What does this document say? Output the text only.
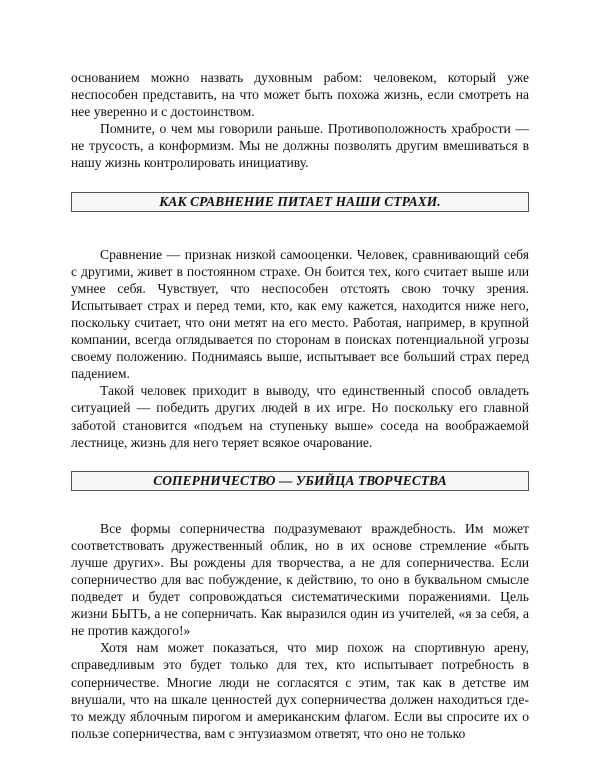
основанием можно назвать духовным рабом: человеком, который уже неспособен представить, на что может быть похожа жизнь, если смотреть на нее уверенно и с достоинством.

Помните, о чем мы говорили раньше. Противоположность храбрости — не трусость, а конформизм. Мы не должны позволять другим вмешиваться в нашу жизнь контролировать инициативу.

КАК СРАВНЕНИЕ ПИТАЕТ НАШИ СТРАХИ.

Сравнение — признак низкой самооценки. Человек, сравнивающий себя с другими, живет в постоянном страхе. Он боится тех, кого считает выше или умнее себя. Чувствует, что неспособен отстоять свою точку зрения. Испытывает страх и перед теми, кто, как ему кажется, находится ниже него, поскольку считает, что они метят на его место. Работая, например, в крупной компании, всегда оглядывается по сторонам в поисках потенциальной угрозы своему положению. Поднимаясь выше, испытывает все больший страх перед падением.

Такой человек приходит в выводу, что единственный способ овладеть ситуацией — победить других людей в их игре. Но поскольку его главной заботой становится «подъем на ступеньку выше» соседа на воображаемой лестнице, жизнь для него теряет всякое очарование.

СОПЕРНИЧЕСТВО — УБИЙЦА ТВОРЧЕСТВА

Все формы соперничества подразумевают враждебность. Им может соответствовать дружественный облик, но в их основе стремление «быть лучше других». Вы рождены для творчества, а не для соперничества. Если соперничество для вас побуждение, к действию, то оно в буквальном смысле подведет и будет сопровождаться систематическими поражениями. Цель жизни БЫТЬ, а не соперничать. Как выразился один из учителей, «я за себя, а не против каждого!»

Хотя нам может показаться, что мир похож на спортивную арену, справедливым это будет только для тех, кто испытывает потребность в соперничестве. Многие люди не согласятся с этим, так как в детстве им внушали, что на шкале ценностей дух соперничества должен находиться где-то между яблочным пирогом и американским флагом. Если вы спросите их о пользе соперничества, вам с энтузиазмом ответят, что оно не только
